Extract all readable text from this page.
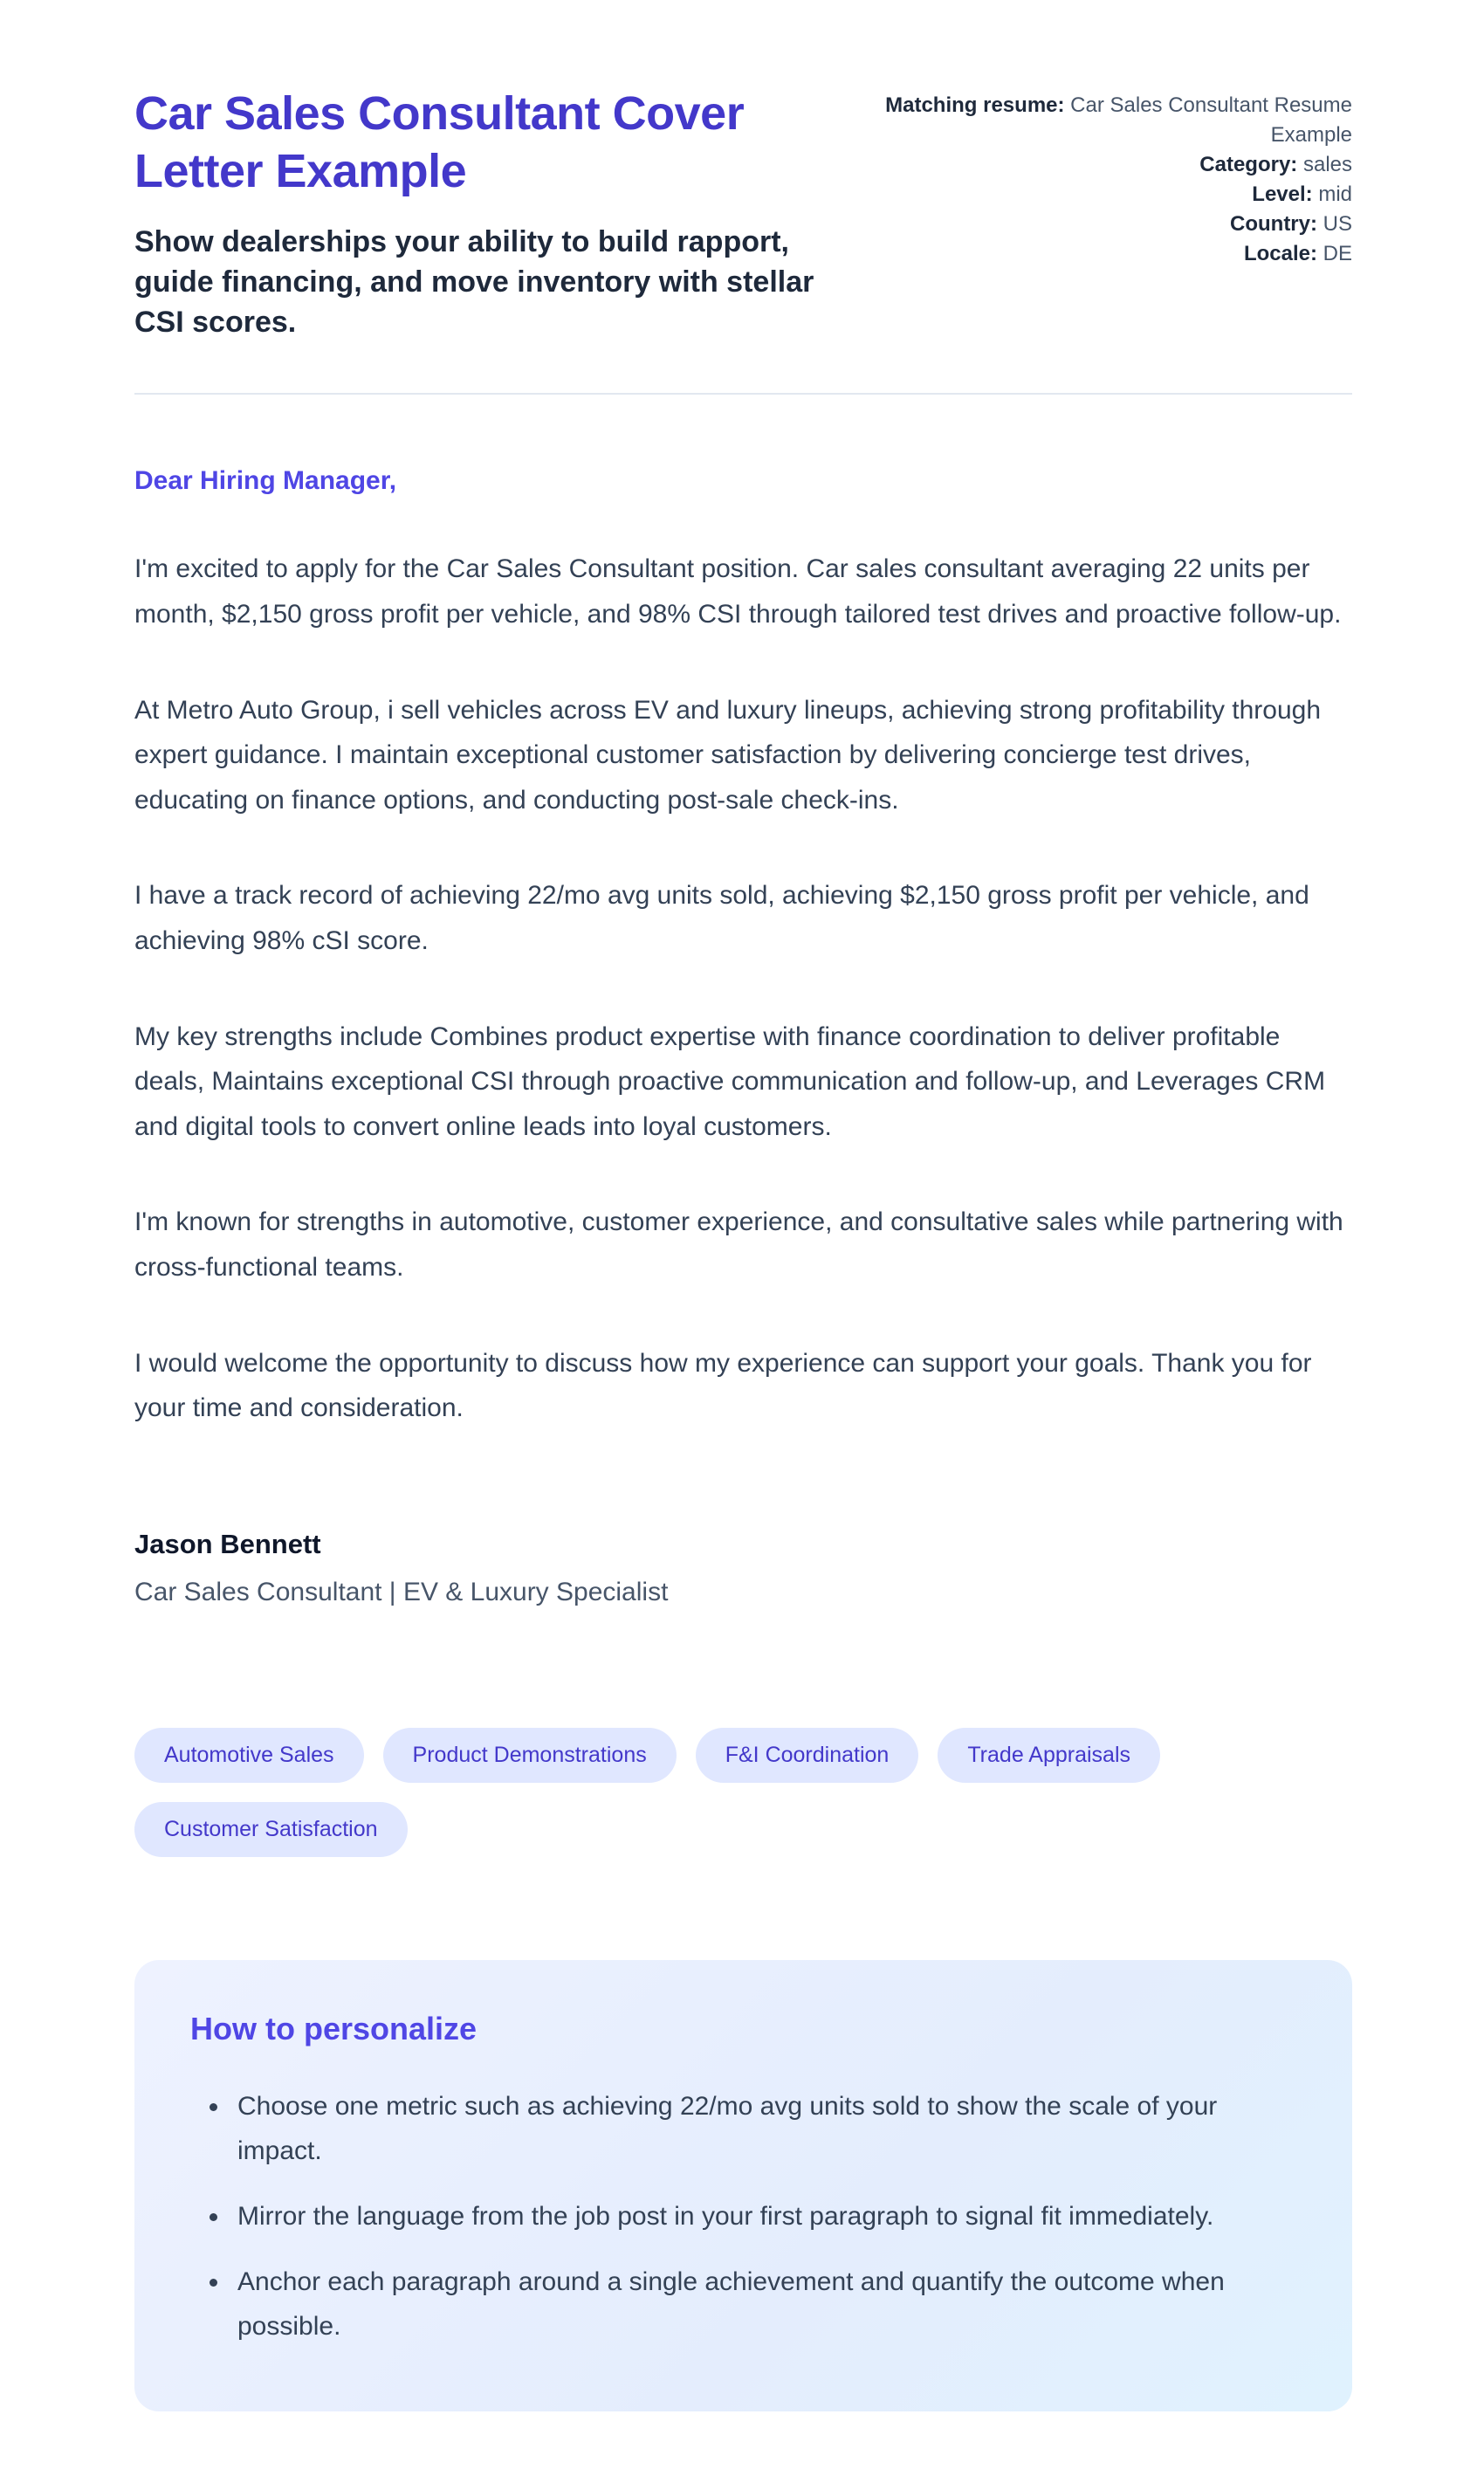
Car Sales Consultant Cover Letter Example
Show dealerships your ability to build rapport, guide financing, and move inventory with stellar CSI scores.
Matching resume: Car Sales Consultant Resume Example
Category: sales
Level: mid
Country: US
Locale: DE

Dear Hiring Manager,

I'm excited to apply for the Car Sales Consultant position. Car sales consultant averaging 22 units per month, $2,150 gross profit per vehicle, and 98% CSI through tailored test drives and proactive follow-up.

At Metro Auto Group, i sell vehicles across EV and luxury lineups, achieving strong profitability through expert guidance. I maintain exceptional customer satisfaction by delivering concierge test drives, educating on finance options, and conducting post-sale check-ins.

I have a track record of achieving 22/mo avg units sold, achieving $2,150 gross profit per vehicle, and achieving 98% cSI score.

My key strengths include Combines product expertise with finance coordination to deliver profitable deals, Maintains exceptional CSI through proactive communication and follow-up, and Leverages CRM and digital tools to convert online leads into loyal customers.

I'm known for strengths in automotive, customer experience, and consultative sales while partnering with cross-functional teams.

I would welcome the opportunity to discuss how my experience can support your goals. Thank you for your time and consideration.

Jason Bennett

Car Sales Consultant | EV & Luxury Specialist

Automotive Sales	Product Demonstrations	F&I Coordination	Trade Appraisals
Customer Satisfaction
How to personalize
• Choose one metric such as achieving 22/mo avg units sold to show the scale of your impact.
• Mirror the language from the job post in your first paragraph to signal fit immediately.
• Anchor each paragraph around a single achievement and quantify the outcome when possible.
